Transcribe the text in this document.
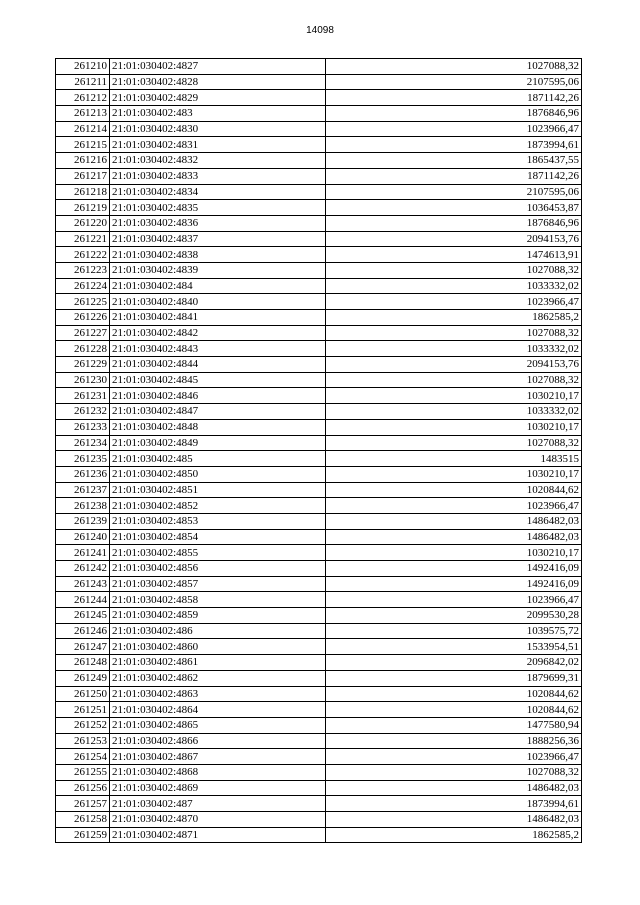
14098
261210	21:01:030402:4827	1027088,32
261211	21:01:030402:4828	2107595,06
261212	21:01:030402:4829	1871142,26
261213	21:01:030402:483	1876846,96
261214	21:01:030402:4830	1023966,47
261215	21:01:030402:4831	1873994,61
261216	21:01:030402:4832	1865437,55
261217	21:01:030402:4833	1871142,26
261218	21:01:030402:4834	2107595,06
261219	21:01:030402:4835	1036453,87
261220	21:01:030402:4836	1876846,96
261221	21:01:030402:4837	2094153,76
261222	21:01:030402:4838	1474613,91
261223	21:01:030402:4839	1027088,32
261224	21:01:030402:484	1033332,02
261225	21:01:030402:4840	1023966,47
261226	21:01:030402:4841	1862585,2
261227	21:01:030402:4842	1027088,32
261228	21:01:030402:4843	1033332,02
261229	21:01:030402:4844	2094153,76
261230	21:01:030402:4845	1027088,32
261231	21:01:030402:4846	1030210,17
261232	21:01:030402:4847	1033332,02
261233	21:01:030402:4848	1030210,17
261234	21:01:030402:4849	1027088,32
261235	21:01:030402:485	1483515
261236	21:01:030402:4850	1030210,17
261237	21:01:030402:4851	1020844,62
261238	21:01:030402:4852	1023966,47
261239	21:01:030402:4853	1486482,03
261240	21:01:030402:4854	1486482,03
261241	21:01:030402:4855	1030210,17
261242	21:01:030402:4856	1492416,09
261243	21:01:030402:4857	1492416,09
261244	21:01:030402:4858	1023966,47
261245	21:01:030402:4859	2099530,28
261246	21:01:030402:486	1039575,72
261247	21:01:030402:4860	1533954,51
261248	21:01:030402:4861	2096842,02
261249	21:01:030402:4862	1879699,31
261250	21:01:030402:4863	1020844,62
261251	21:01:030402:4864	1020844,62
261252	21:01:030402:4865	1477580,94
261253	21:01:030402:4866	1888256,36
261254	21:01:030402:4867	1023966,47
261255	21:01:030402:4868	1027088,32
261256	21:01:030402:4869	1486482,03
261257	21:01:030402:487	1873994,61
261258	21:01:030402:4870	1486482,03
261259	21:01:030402:4871	1862585,2
